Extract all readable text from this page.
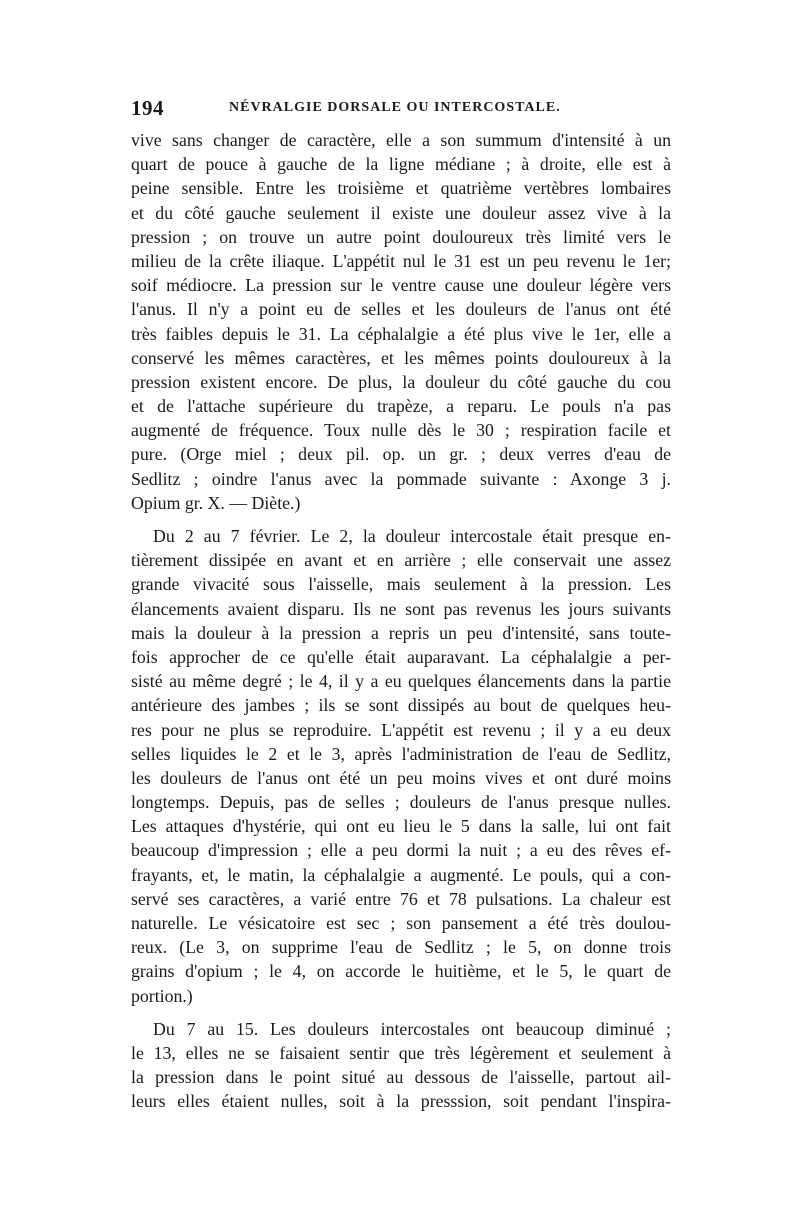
194	NÉVRALGIE DORSALE OU INTERCOSTALE.
vive sans changer de caractère, elle a son summum d'intensité à un
quart de pouce à gauche de la ligne médiane ; à droite, elle est à
peine sensible. Entre les troisième et quatrième vertèbres lombaires
et du côté gauche seulement il existe une douleur assez vive à la
pression ; on trouve un autre point douloureux très limité vers le
milieu de la crête iliaque. L'appétit nul le 31 est un peu revenu le 1er;
soif médiocre. La pression sur le ventre cause une douleur légère vers
l'anus. Il n'y a point eu de selles et les douleurs de l'anus ont été
très faibles depuis le 31. La céphalalgie a été plus vive le 1er, elle a
conservé les mêmes caractères, et les mêmes points douloureux à la
pression existent encore. De plus, la douleur du côté gauche du cou
et de l'attache supérieure du trapèze, a reparu. Le pouls n'a pas
augmenté de fréquence. Toux nulle dès le 30 ; respiration facile et
pure. (Orge miel ; deux pil. op. un gr. ; deux verres d'eau de
Sedlitz ; oindre l'anus avec la pommade suivante : Axonge 3 j.
Opium gr. X. — Diète.)
Du 2 au 7 février. Le 2, la douleur intercostale était presque en-
tièrement dissipée en avant et en arrière ; elle conservait une assez
grande vivacité sous l'aisselle, mais seulement à la pression. Les
élancements avaient disparu. Ils ne sont pas revenus les jours suivants
mais la douleur à la pression a repris un peu d'intensité, sans toute-
fois approcher de ce qu'elle était auparavant. La céphalalgie a per-
sisté au même degré ; le 4, il y a eu quelques élancements dans la partie
antérieure des jambes ; ils se sont dissipés au bout de quelques heu-
res pour ne plus se reproduire. L'appétit est revenu ; il y a eu deux
selles liquides le 2 et le 3, après l'administration de l'eau de Sedlitz,
les douleurs de l'anus ont été un peu moins vives et ont duré moins
longtemps. Depuis, pas de selles ; douleurs de l'anus presque nulles.
Les attaques d'hystérie, qui ont eu lieu le 5 dans la salle, lui ont fait
beaucoup d'impression ; elle a peu dormi la nuit ; a eu des rêves ef-
frayants, et, le matin, la céphalalgie a augmenté. Le pouls, qui a con-
servé ses caractères, a varié entre 76 et 78 pulsations. La chaleur est
naturelle. Le vésicatoire est sec ; son pansement a été très doulou-
reux. (Le 3, on supprime l'eau de Sedlitz ; le 5, on donne trois
grains d'opium ; le 4, on accorde le huitième, et le 5, le quart de
portion.)
Du 7 au 15. Les douleurs intercostales ont beaucoup diminué ;
le 13, elles ne se faisaient sentir que très légèrement et seulement à
la pression dans le point situé au dessous de l'aisselle, partout ail-
leurs elles étaient nulles, soit à la presssion, soit pendant l'inspira-
